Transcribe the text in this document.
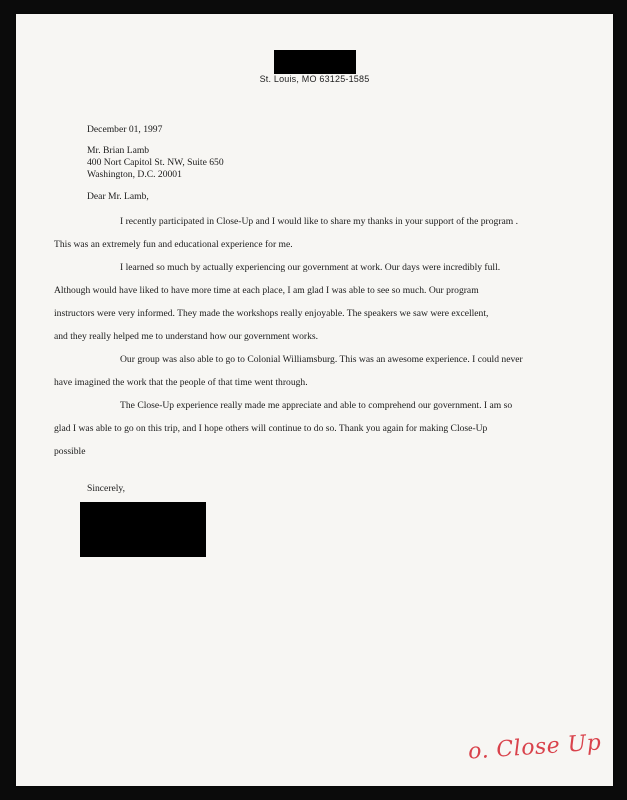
St. Louis, MO 63125-1585
December 01, 1997
Mr. Brian Lamb
400 Nort Capitol St. NW, Suite 650
Washington, D.C. 20001
Dear Mr. Lamb,

I recently participated in Close-Up and I would like to share my thanks in your support of the program .
This was an extremely fun and educational experience for me.

I learned so much by actually experiencing our government at work. Our days were incredibly full.
Although would have liked to have more time at each place, I am glad I was able to see so much. Our program
instructors were very informed. They made the workshops really enjoyable. The speakers we saw were excellent,
and they really helped me to understand how our government works.

Our group was also able to go to Colonial Williamsburg. This was an awesome experience. I could never
have imagined the work that the people of that time went through.

The Close-Up experience really made me appreciate and able to comprehend our government. I am so
glad I was able to go on this trip, and I hope others will continue to do so. Thank you again for making Close-Up
possible

Sincerely,
o. Close Up
